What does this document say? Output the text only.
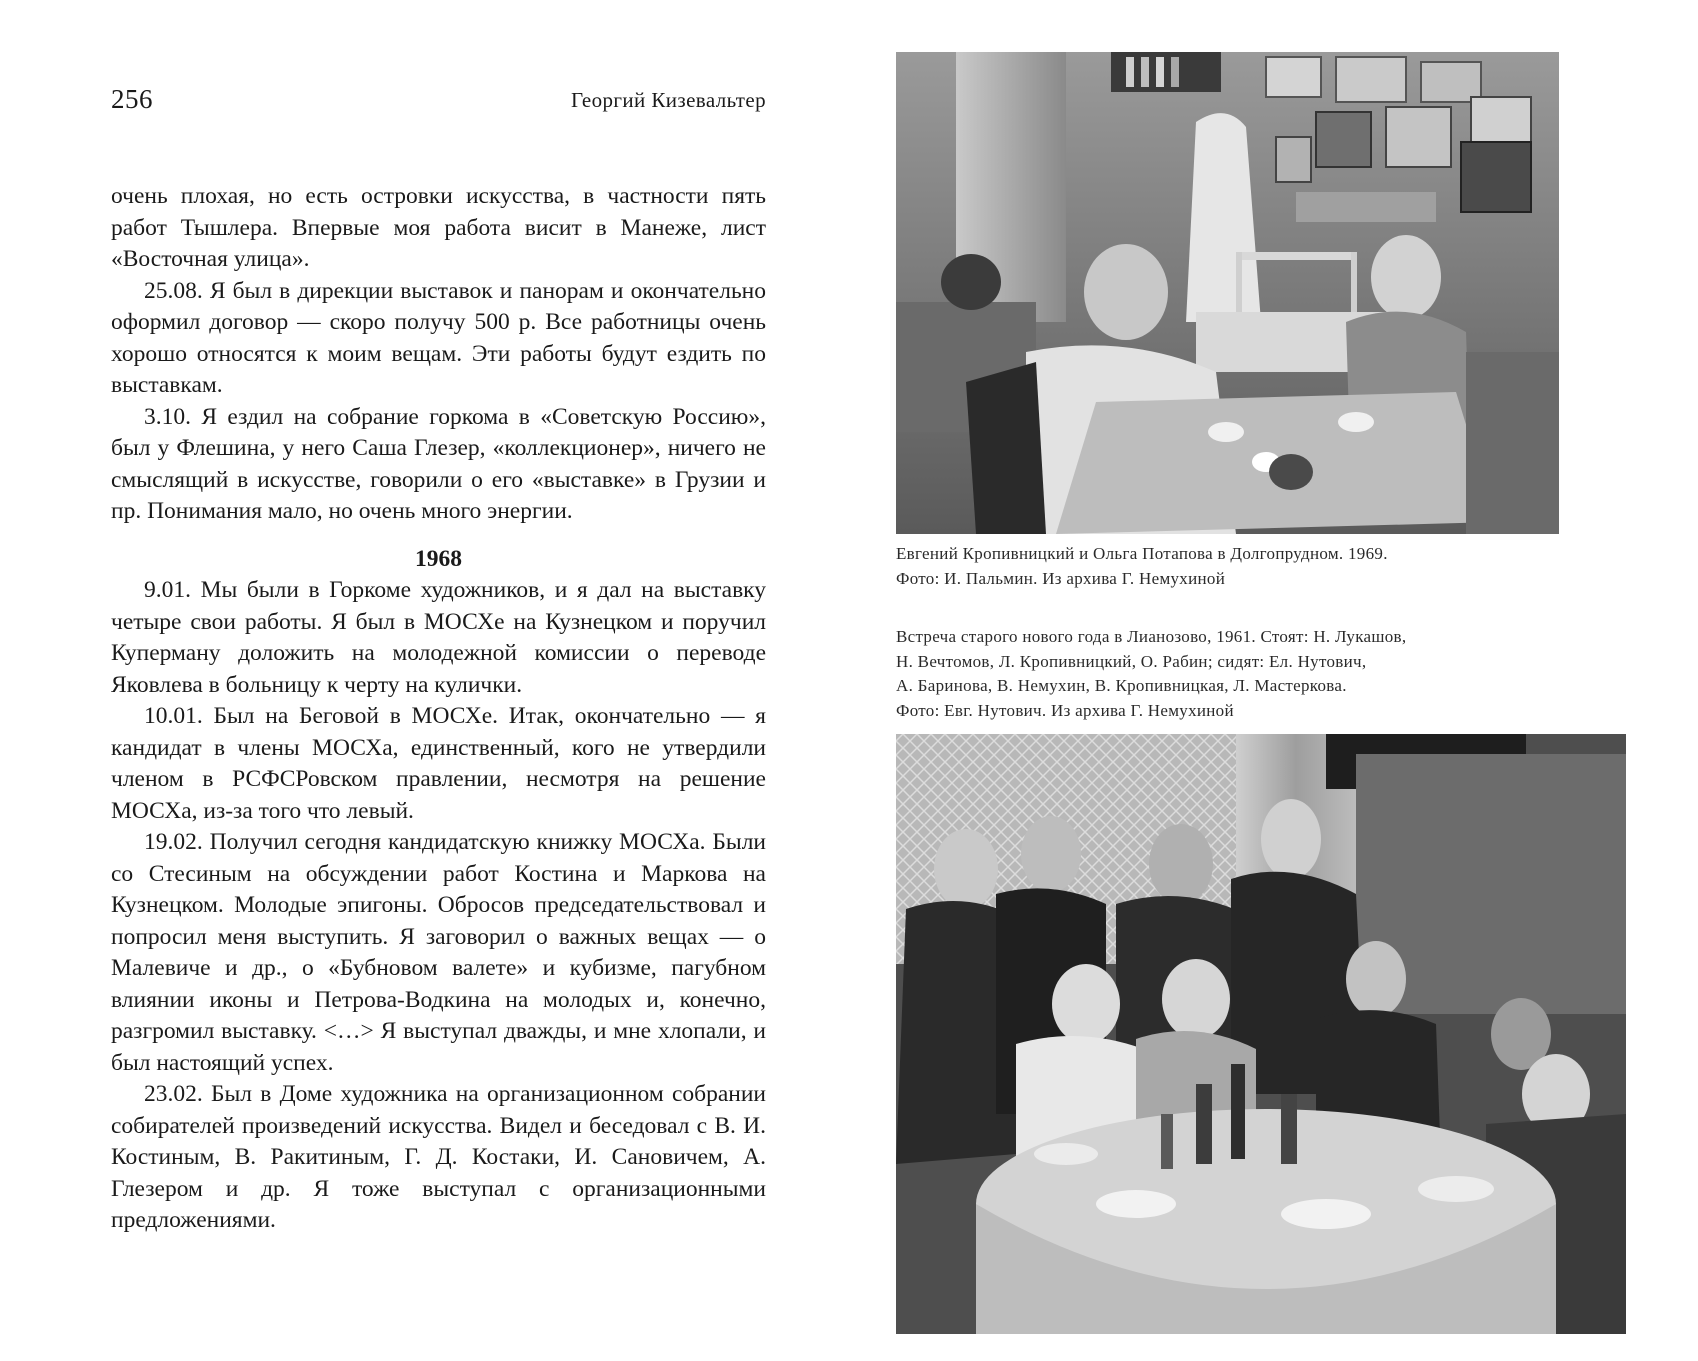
256	Георгий Кизевальтер

очень плохая, но есть островки искусства, в частности пять работ Тышлера. Впервые моя работа висит в Манеже, лист «Восточная улица».

25.08. Я был в дирекции выставок и панорам и окончательно оформил договор — скоро получу 500 р. Все работницы очень хорошо относятся к моим вещам. Эти работы будут ездить по выставкам.

3.10. Я ездил на собрание горкома в «Советскую Россию», был у Флешина, у него Саша Глезер, «коллекционер», ничего не смыслящий в искусстве, говорили о его «выставке» в Грузии и пр. Понимания мало, но очень много энергии.

1968

9.01. Мы были в Горкоме художников, и я дал на выставку четыре свои работы. Я был в МОСХе на Кузнецком и поручил Куперману доложить на молодежной комиссии о переводе Яковлева в больницу к черту на кулички.

10.01. Был на Беговой в МОСХе. Итак, окончательно — я кандидат в члены МОСХа, единственный, кого не утвердили членом в РСФСРовском правлении, несмотря на решение МОСХа, из-за того что левый.

19.02. Получил сегодня кандидатскую книжку МОСХа. Были со Стесиным на обсуждении работ Костина и Маркова на Кузнецком. Молодые эпигоны. Обросов председательствовал и попросил меня выступить. Я заговорил о важных вещах — о Малевиче и др., о «Бубновом валете» и кубизме, пагубном влиянии иконы и Петрова-Водкина на молодых и, конечно, разгромил выставку. <…> Я выступал дважды, и мне хлопали, и был настоящий успех.

23.02. Был в Доме художника на организационном собрании собирателей произведений искусства. Видел и беседовал с В. И. Костиным, В. Ракитиным, Г. Д. Костаки, И. Сановичем, А. Глезером и др. Я тоже выступал с организационными предложениями.

Евгений Кропивницкий и Ольга Потапова в Долгопрудном. 1969.
Фото: И. Пальмин. Из архива Г. Немухиной
Встреча старого нового года в Лианозово, 1961. Стоят: Н. Лукашов,
Н. Вечтомов, Л. Кропивницкий, О. Рабин; сидят: Ел. Нутович,
А. Баринова, В. Немухин, В. Кропивницкая, Л. Мастеркова.
Фото: Евг. Нутович. Из архива Г. Немухиной
